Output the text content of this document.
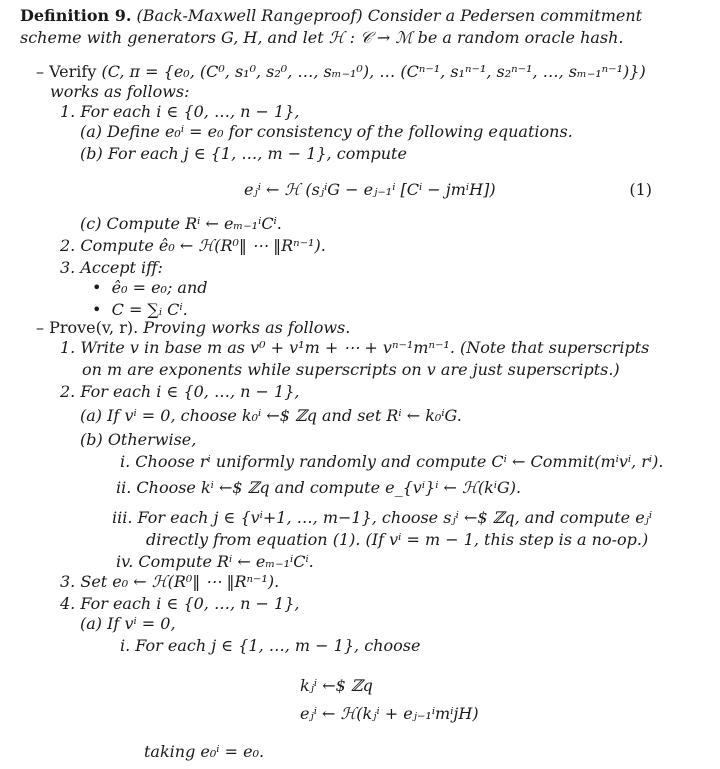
Definition 9. (Back-Maxwell Rangeproof) Consider a Pedersen commitment
scheme with generators G, H, and let ℋ : 𝒞 → ℳ be a random oracle hash.
– Verify (C, π = {e₀, (C⁰, s₁⁰, s₂⁰, …, sₘ₋₁⁰), … (Cⁿ⁻¹, s₁ⁿ⁻¹, s₂ⁿ⁻¹, …, sₘ₋₁ⁿ⁻¹)})
works as follows:
1. For each i ∈ {0, …, n − 1},
(a) Define e₀ⁱ = e₀ for consistency of the following equations.
(b) For each j ∈ {1, …, m − 1}, compute
eⱼⁱ ← ℋ (sⱼⁱG − eⱼ₋₁ⁱ [Cⁱ − jmⁱH])	(1)
(c) Compute Rⁱ ← eₘ₋₁ⁱCⁱ.
2. Compute ê₀ ← ℋ(R⁰‖ ⋯ ‖Rⁿ⁻¹).
3. Accept iff:
•  ê₀ = e₀; and
•  C = ∑ᵢ Cⁱ.
– Prove(v, r). Proving works as follows.
1. Write v in base m as v⁰ + v¹m + ⋯ + vⁿ⁻¹mⁿ⁻¹. (Note that superscripts
on m are exponents while superscripts on v are just superscripts.)
2. For each i ∈ {0, …, n − 1},
(a) If vⁱ = 0, choose k₀ⁱ ←$ ℤq and set Rⁱ ← k₀ⁱG.
(b) Otherwise,
i. Choose rⁱ uniformly randomly and compute Cⁱ ← Commit(mⁱvⁱ, rⁱ).
ii. Choose kⁱ ←$ ℤq and compute e_{vⁱ}ⁱ ← ℋ(kⁱG).
iii. For each j ∈ {vⁱ+1, …, m−1}, choose sⱼⁱ ←$ ℤq, and compute eⱼⁱ
directly from equation (1). (If vⁱ = m − 1, this step is a no-op.)
iv. Compute Rⁱ ← eₘ₋₁ⁱCⁱ.
3. Set e₀ ← ℋ(R⁰‖ ⋯ ‖Rⁿ⁻¹).
4. For each i ∈ {0, …, n − 1},
(a) If vⁱ = 0,
i. For each j ∈ {1, …, m − 1}, choose
kⱼⁱ ←$ ℤq
eⱼⁱ ← ℋ(kⱼⁱ + eⱼ₋₁ⁱmⁱjH)
taking e₀ⁱ = e₀.
